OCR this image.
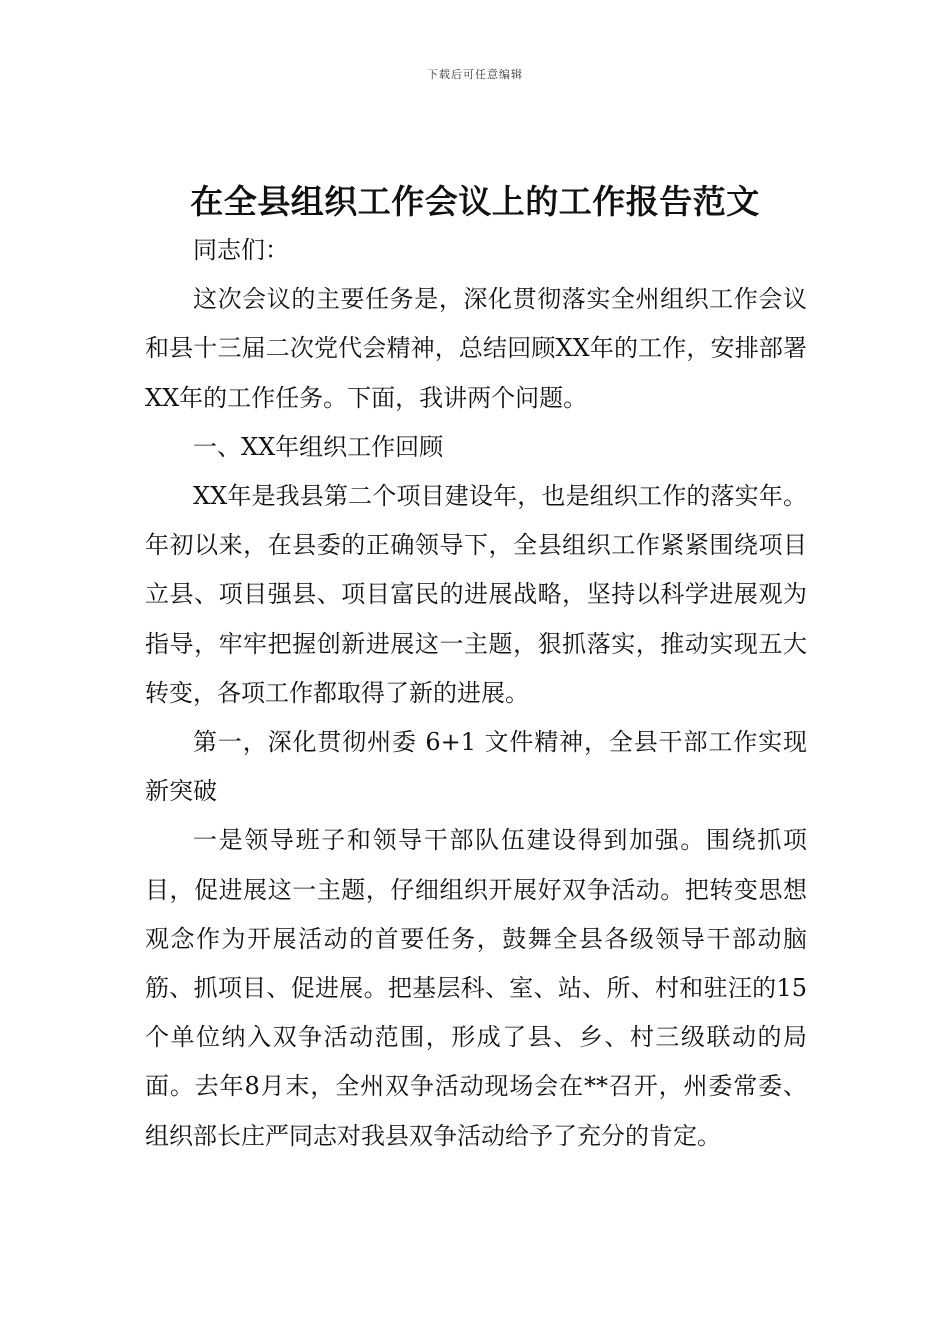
下载后可任意编辑
在全县组织工作会议上的工作报告范文

同志们：

这次会议的主要任务是，深化贯彻落实全州组织工作会议和县十三届二次党代会精神，总结回顾XX年的工作，安排部署XX年的工作任务。下面，我讲两个问题。

一、XX年组织工作回顾

XX年是我县第二个项目建设年，也是组织工作的落实年。年初以来，在县委的正确领导下，全县组织工作紧紧围绕项目立县、项目强县、项目富民的进展战略，坚持以科学进展观为指导，牢牢把握创新进展这一主题，狠抓落实，推动实现五大转变，各项工作都取得了新的进展。

第一，深化贯彻州委 6+1 文件精神，全县干部工作实现新突破

一是领导班子和领导干部队伍建设得到加强。围绕抓项目，促进展这一主题，仔细组织开展好双争活动。把转变思想观念作为开展活动的首要任务，鼓舞全县各级领导干部动脑筋、抓项目、促进展。把基层科、室、站、所、村和驻汪的15个单位纳入双争活动范围，形成了县、乡、村三级联动的局面。去年8月末，全州双争活动现场会在**召开，州委常委、组织部长庄严同志对我县双争活动给予了充分的肯定。
